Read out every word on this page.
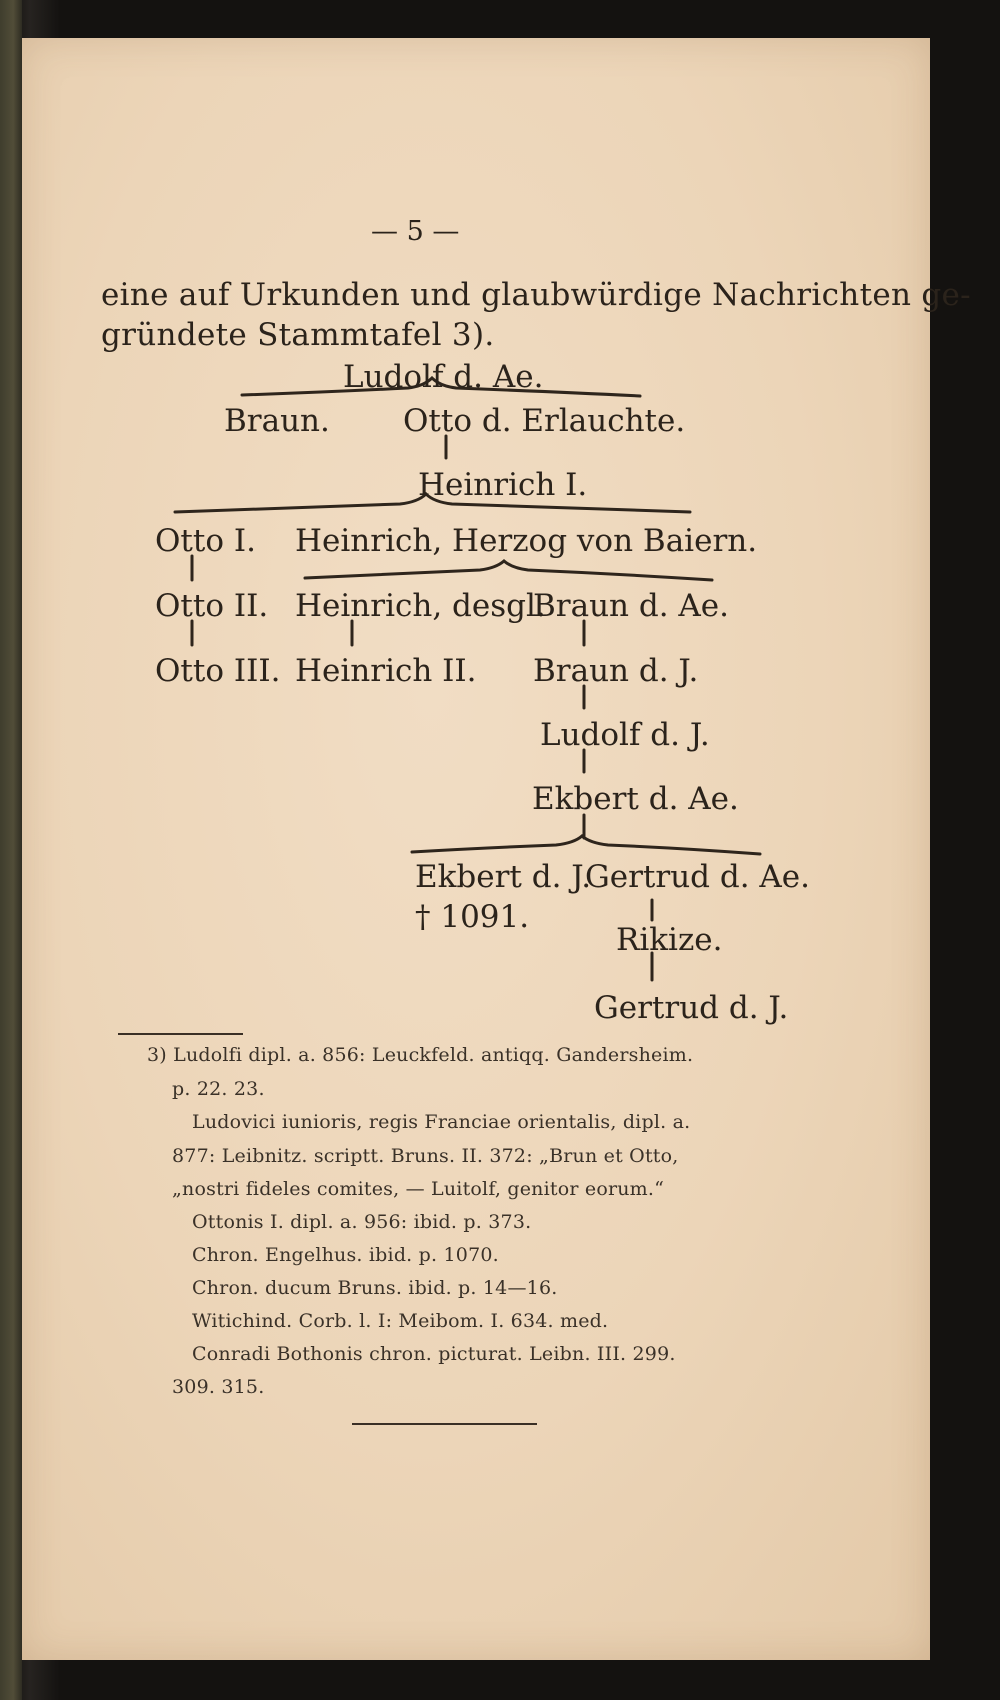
— 5 —
eine auf Urkunden und glaubwürdige Nachrichten ge-
gründete Stammtafel 3).
Ludolf d. Ae.
Braun. Otto d. Erlauchte.
Heinrich I.
Otto I. Heinrich, Herzog von Baiern.
Otto II. Heinrich, desgl.
Braun d. Ae.
Otto III. Heinrich II. Braun d. J.
Ludolf d. J.
Ekbert d. Ae.
Ekbert d. J.
Gertrud d. Ae.
† 1091.
Rikize.
Gertrud d. J.
3) Ludolfi dipl. a. 856: Leuckfeld. antiqq. Gandersheim.
p. 22. 23.
Ludovici iunioris, regis Franciae orientalis, dipl. a.
877: Leibnitz. scriptt. Bruns. II. 372: „Brun et Otto,
„nostri fideles comites, — Luitolf, genitor eorum.“
Ottonis I. dipl. a. 956: ibid. p. 373.
Chron. Engelhus. ibid. p. 1070.
Chron. ducum Bruns. ibid. p. 14—16.
Witichind. Corb. l. I: Meibom. I. 634. med.
Conradi Bothonis chron. picturat. Leibn. III. 299.
309. 315.
